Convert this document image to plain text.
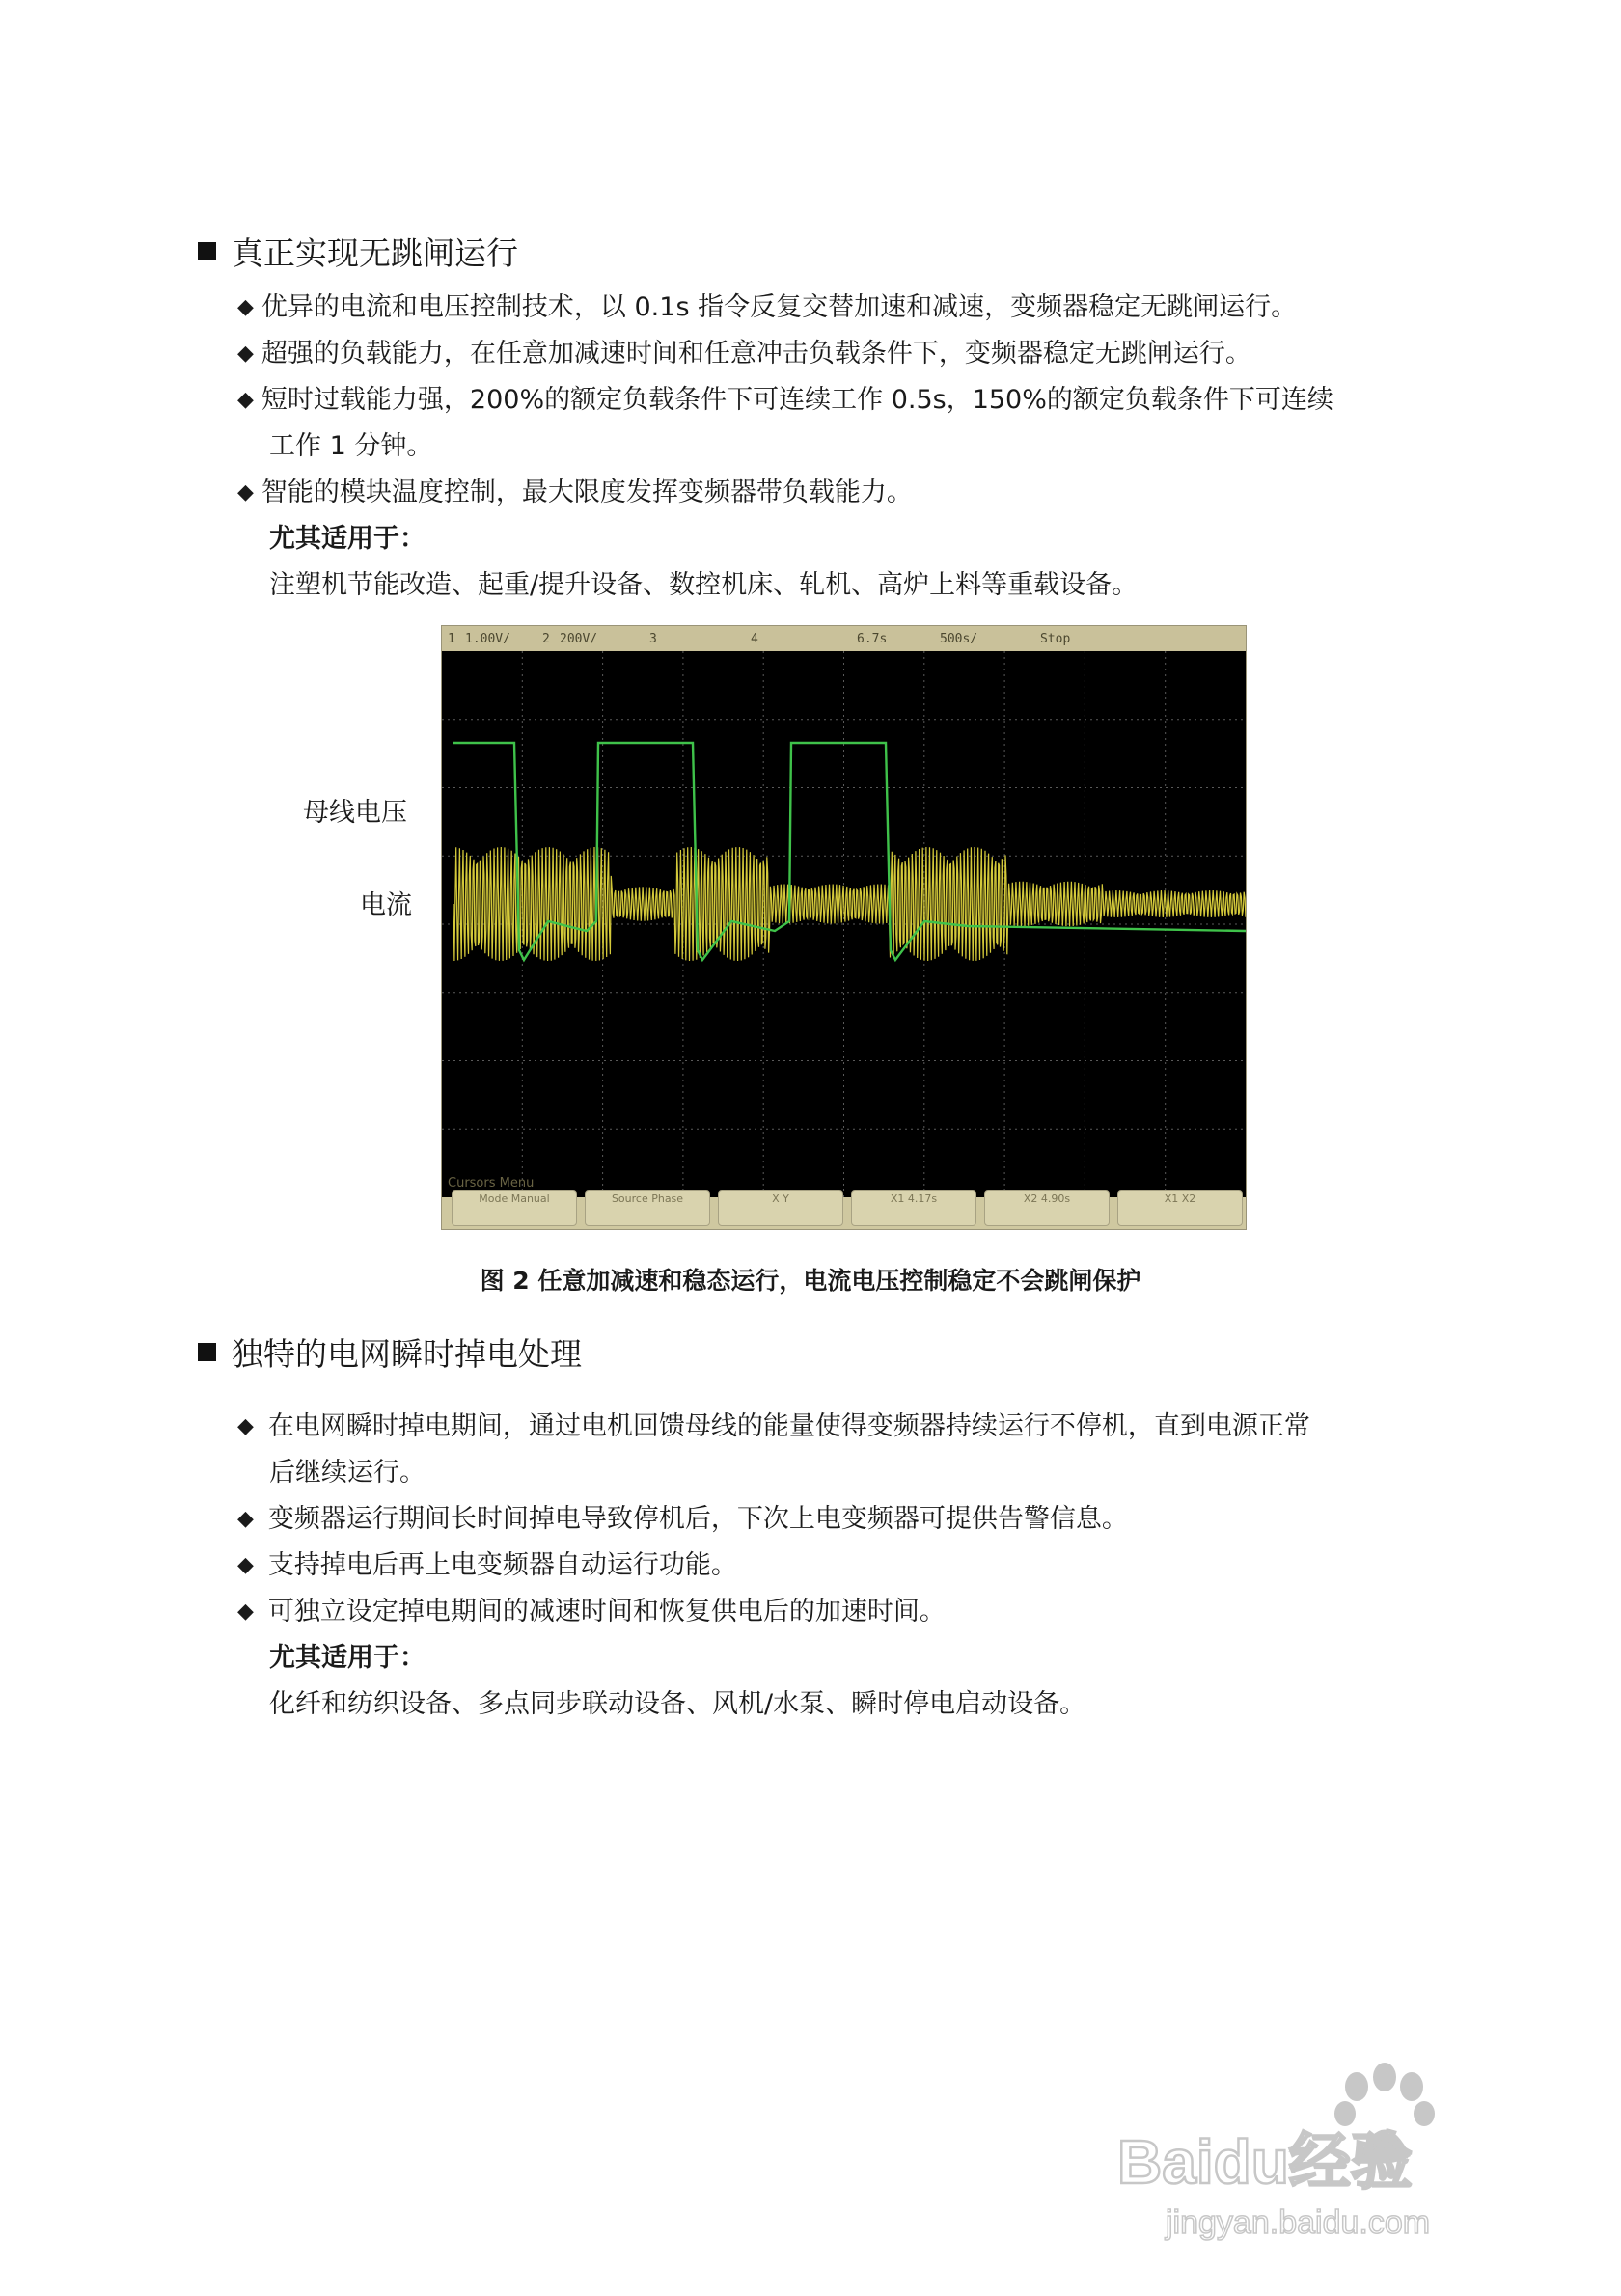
真正实现无跳闸运行
◆ 优异的电流和电压控制技术，以 0.1s 指令反复交替加速和减速，变频器稳定无跳闸运行。
◆ 超强的负载能力，在任意加减速时间和任意冲击负载条件下，变频器稳定无跳闸运行。
◆ 短时过载能力强，200%的额定负载条件下可连续工作 0.5s，150%的额定负载条件下可连续
工作 1 分钟。
◆ 智能的模块温度控制，最大限度发挥变频器带负载能力。
尤其适用于：
注塑机节能改造、起重/提升设备、数控机床、轧机、高炉上料等重载设备。
母线电压
电流
1 1.00V/	2 200V/	3	4	6.7s	500s/	Stop
Cursors Menu
Mode Manual	Source Phase	X Y	X1 4.17s	X2 4.90s	X1 X2
图 2 任意加减速和稳态运行，电流电压控制稳定不会跳闸保护
独特的电网瞬时掉电处理
◆ 在电网瞬时掉电期间，通过电机回馈母线的能量使得变频器持续运行不停机，直到电源正常
后继续运行。
◆ 变频器运行期间长时间掉电导致停机后，下次上电变频器可提供告警信息。
◆ 支持掉电后再上电变频器自动运行功能。
◆ 可独立设定掉电期间的减速时间和恢复供电后的加速时间。
尤其适用于：
化纤和纺织设备、多点同步联动设备、风机/水泵、瞬时停电启动设备。
Baidu经验
jingyan.baidu.com
